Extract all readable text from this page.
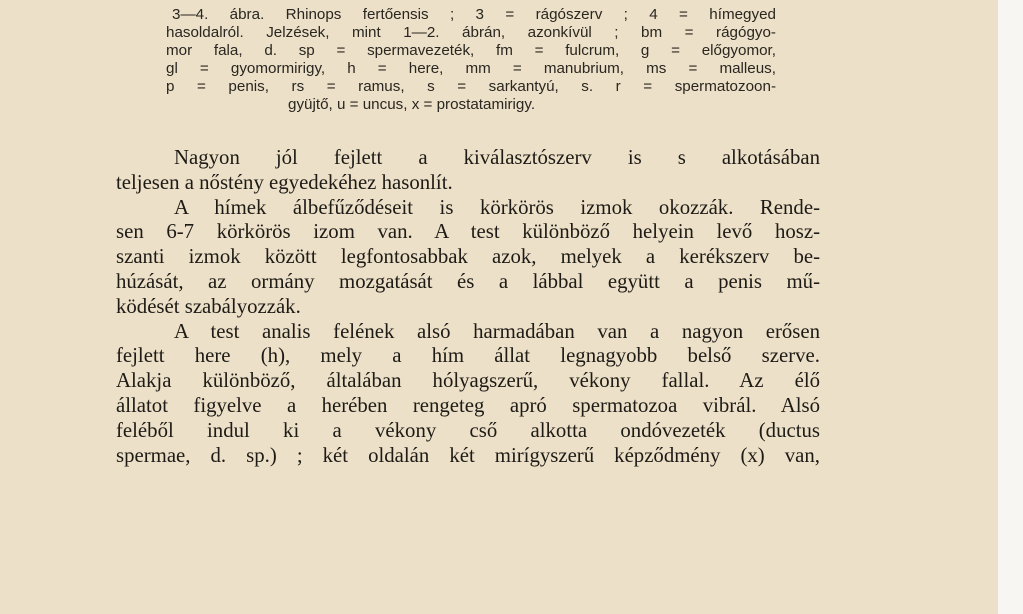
3—4. ábra. Rhinops fertőensis ; 3 = rágószerv ; 4 = hímegyed
hasoldalról. Jelzések, mint 1—2. ábrán, azonkívül ; bm = rágógyo-
mor fala, d. sp = spermavezeték, fm = fulcrum, g = előgyomor,
gl = gyomormirigy, h = here, mm = manubrium, ms = malleus,
p = penis, rs = ramus, s = sarkantyú, s. r = spermatozoon-
gyüjtő, u = uncus, x = prostatamirigy.
Nagyon jól fejlett a kiválasztószerv is s alkotásában
teljesen a nőstény egyedekéhez hasonlít.
A hímek álbefűződéseit is körkörös izmok okozzák. Rende-
sen 6-7 körkörös izom van. A test különböző helyein levő hosz-
szanti izmok között legfontosabbak azok, melyek a kerékszerv be-
húzását, az ormány mozgatását és a lábbal együtt a penis mű-
ködését szabályozzák.
A test analis felének alsó harmadában van a nagyon erősen
fejlett here (h), mely a hím állat legnagyobb belső szerve.
Alakja különböző, általában hólyagszerű, vékony fallal. Az élő
állatot figyelve a herében rengeteg apró spermatozoa vibrál. Alsó
feléből indul ki a vékony cső alkotta ondóvezeték (ductus
spermae, d. sp.) ; két oldalán két mirígyszerű képződmény (x) van,
